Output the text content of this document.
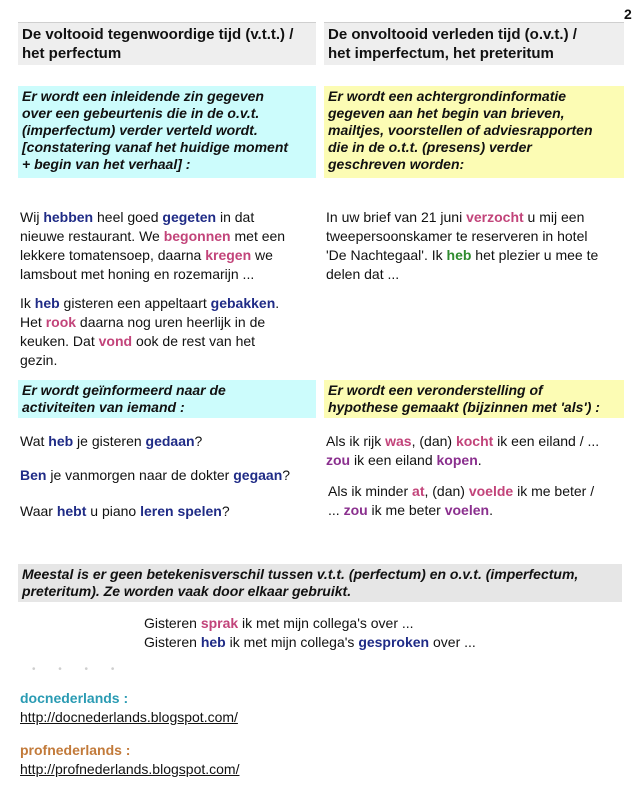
2
De voltooid tegenwoordige tijd (v.t.t.) /
het perfectum
De onvoltooid verleden tijd (o.v.t.) /
het imperfectum, het preteritum
Er wordt een inleidende zin gegeven
over een gebeurtenis die in de o.v.t.
(imperfectum) verder verteld wordt.
[constatering vanaf het huidige moment
+ begin van het verhaal] :
Er wordt een achtergrondinformatie
gegeven aan het begin van brieven,
mailtjes, voorstellen of adviesrapporten
die in de o.t.t. (presens) verder
geschreven worden:
Wij hebben heel goed gegeten in dat
nieuwe restaurant. We begonnen met een
lekkere tomatensoep, daarna kregen we
lamsbout met honing en rozemarijn ...
Ik heb gisteren een appeltaart gebakken.
Het rook daarna nog uren heerlijk in de
keuken. Dat vond ook de rest van het
gezin.
In uw brief van 21 juni verzocht u mij een
tweepersoonskamer te reserveren in hotel
'De Nachtegaal'. Ik heb het plezier u mee te
delen dat ...
Er wordt geïnformeerd naar de
activiteiten van iemand :
Er wordt een veronderstelling of
hypothese gemaakt (bijzinnen met 'als') :
Wat heb je gisteren gedaan?
Ben je vanmorgen naar de dokter gegaan?
Waar hebt u piano leren spelen?
Als ik rijk was, (dan) kocht ik een eiland / ...
zou ik een eiland kopen.
Als ik minder at, (dan) voelde ik me beter /
... zou ik me beter voelen.
Meestal is er geen betekenisverschil tussen v.t.t. (perfectum) en o.v.t. (imperfectum,
preteritum). Ze worden vaak door elkaar gebruikt.
Gisteren sprak ik met mijn collega's over ...
Gisteren heb ik met mijn collega's gesproken over ...
• • • •
docnederlands :
http://docnederlands.blogspot.com/
profnederlands :
http://profnederlands.blogspot.com/
